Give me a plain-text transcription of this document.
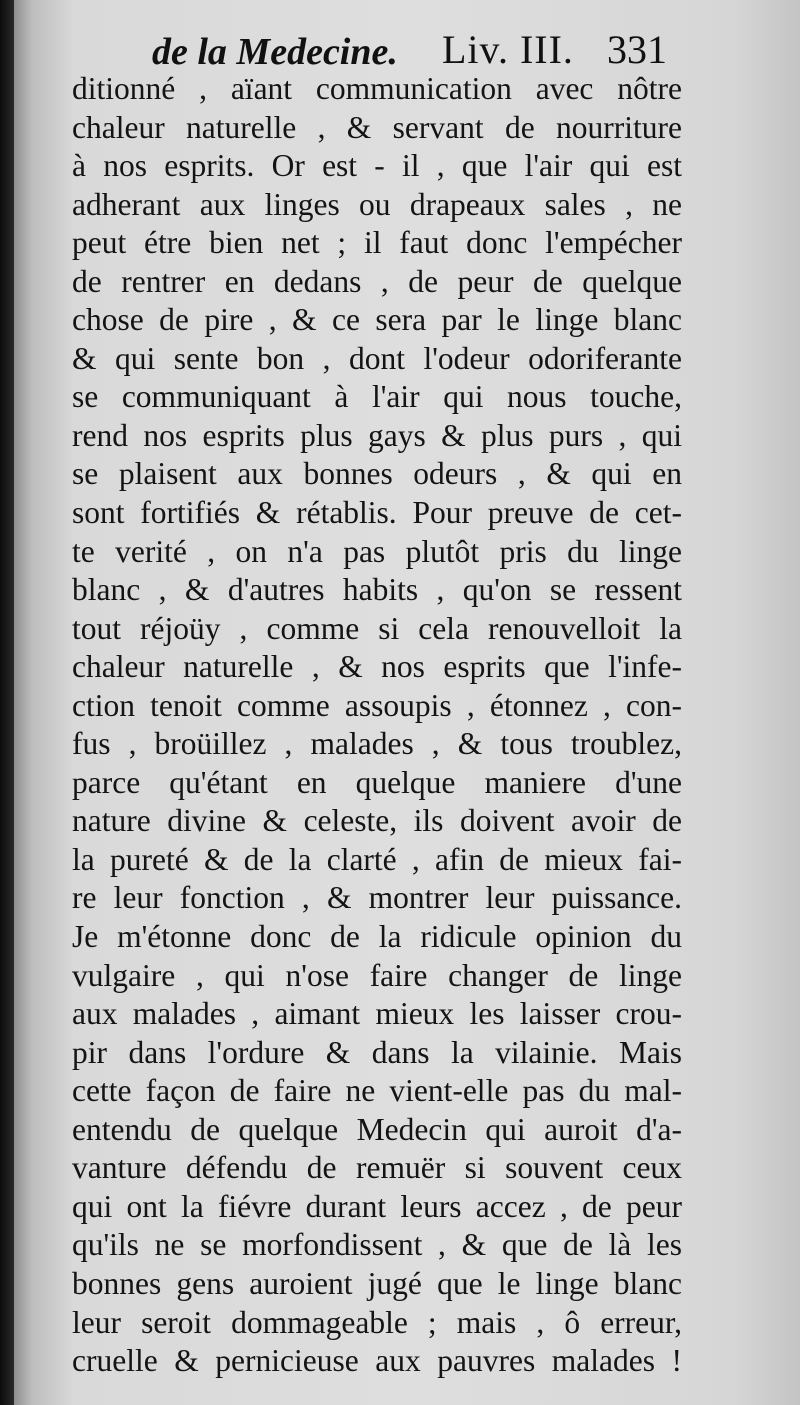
de la Medecine. Liv. III. 331
ditionné , aïant communication avec nôtre
chaleur naturelle , & servant de nourriture
à nos esprits. Or est - il , que l'air qui est
adherant aux linges ou drapeaux sales , ne
peut étre bien net ; il faut donc l'empécher
de rentrer en dedans , de peur de quelque
chose de pire , & ce sera par le linge blanc
& qui sente bon , dont l'odeur odoriferante
se communiquant à l'air qui nous touche,
rend nos esprits plus gays & plus purs , qui
se plaisent aux bonnes odeurs , & qui en
sont fortifiés & rétablis. Pour preuve de cet-
te verité , on n'a pas plutôt pris du linge
blanc , & d'autres habits , qu'on se ressent
tout réjoüy , comme si cela renouvelloit la
chaleur naturelle , & nos esprits que l'infe-
ction tenoit comme assoupis , étonnez , con-
fus , broüillez , malades , & tous troublez,
parce qu'étant en quelque maniere d'une
nature divine & celeste, ils doivent avoir de
la pureté & de la clarté , afin de mieux fai-
re leur fonction , & montrer leur puissance.
Je m'étonne donc de la ridicule opinion du
vulgaire , qui n'ose faire changer de linge
aux malades , aimant mieux les laisser crou-
pir dans l'ordure & dans la vilainie. Mais
cette façon de faire ne vient-elle pas du mal-
entendu de quelque Medecin qui auroit d'a-
vanture défendu de remuër si souvent ceux
qui ont la fiévre durant leurs accez , de peur
qu'ils ne se morfondissent , & que de là les
bonnes gens auroient jugé que le linge blanc
leur seroit dommageable ; mais , ô erreur,
cruelle & pernicieuse aux pauvres malades !
